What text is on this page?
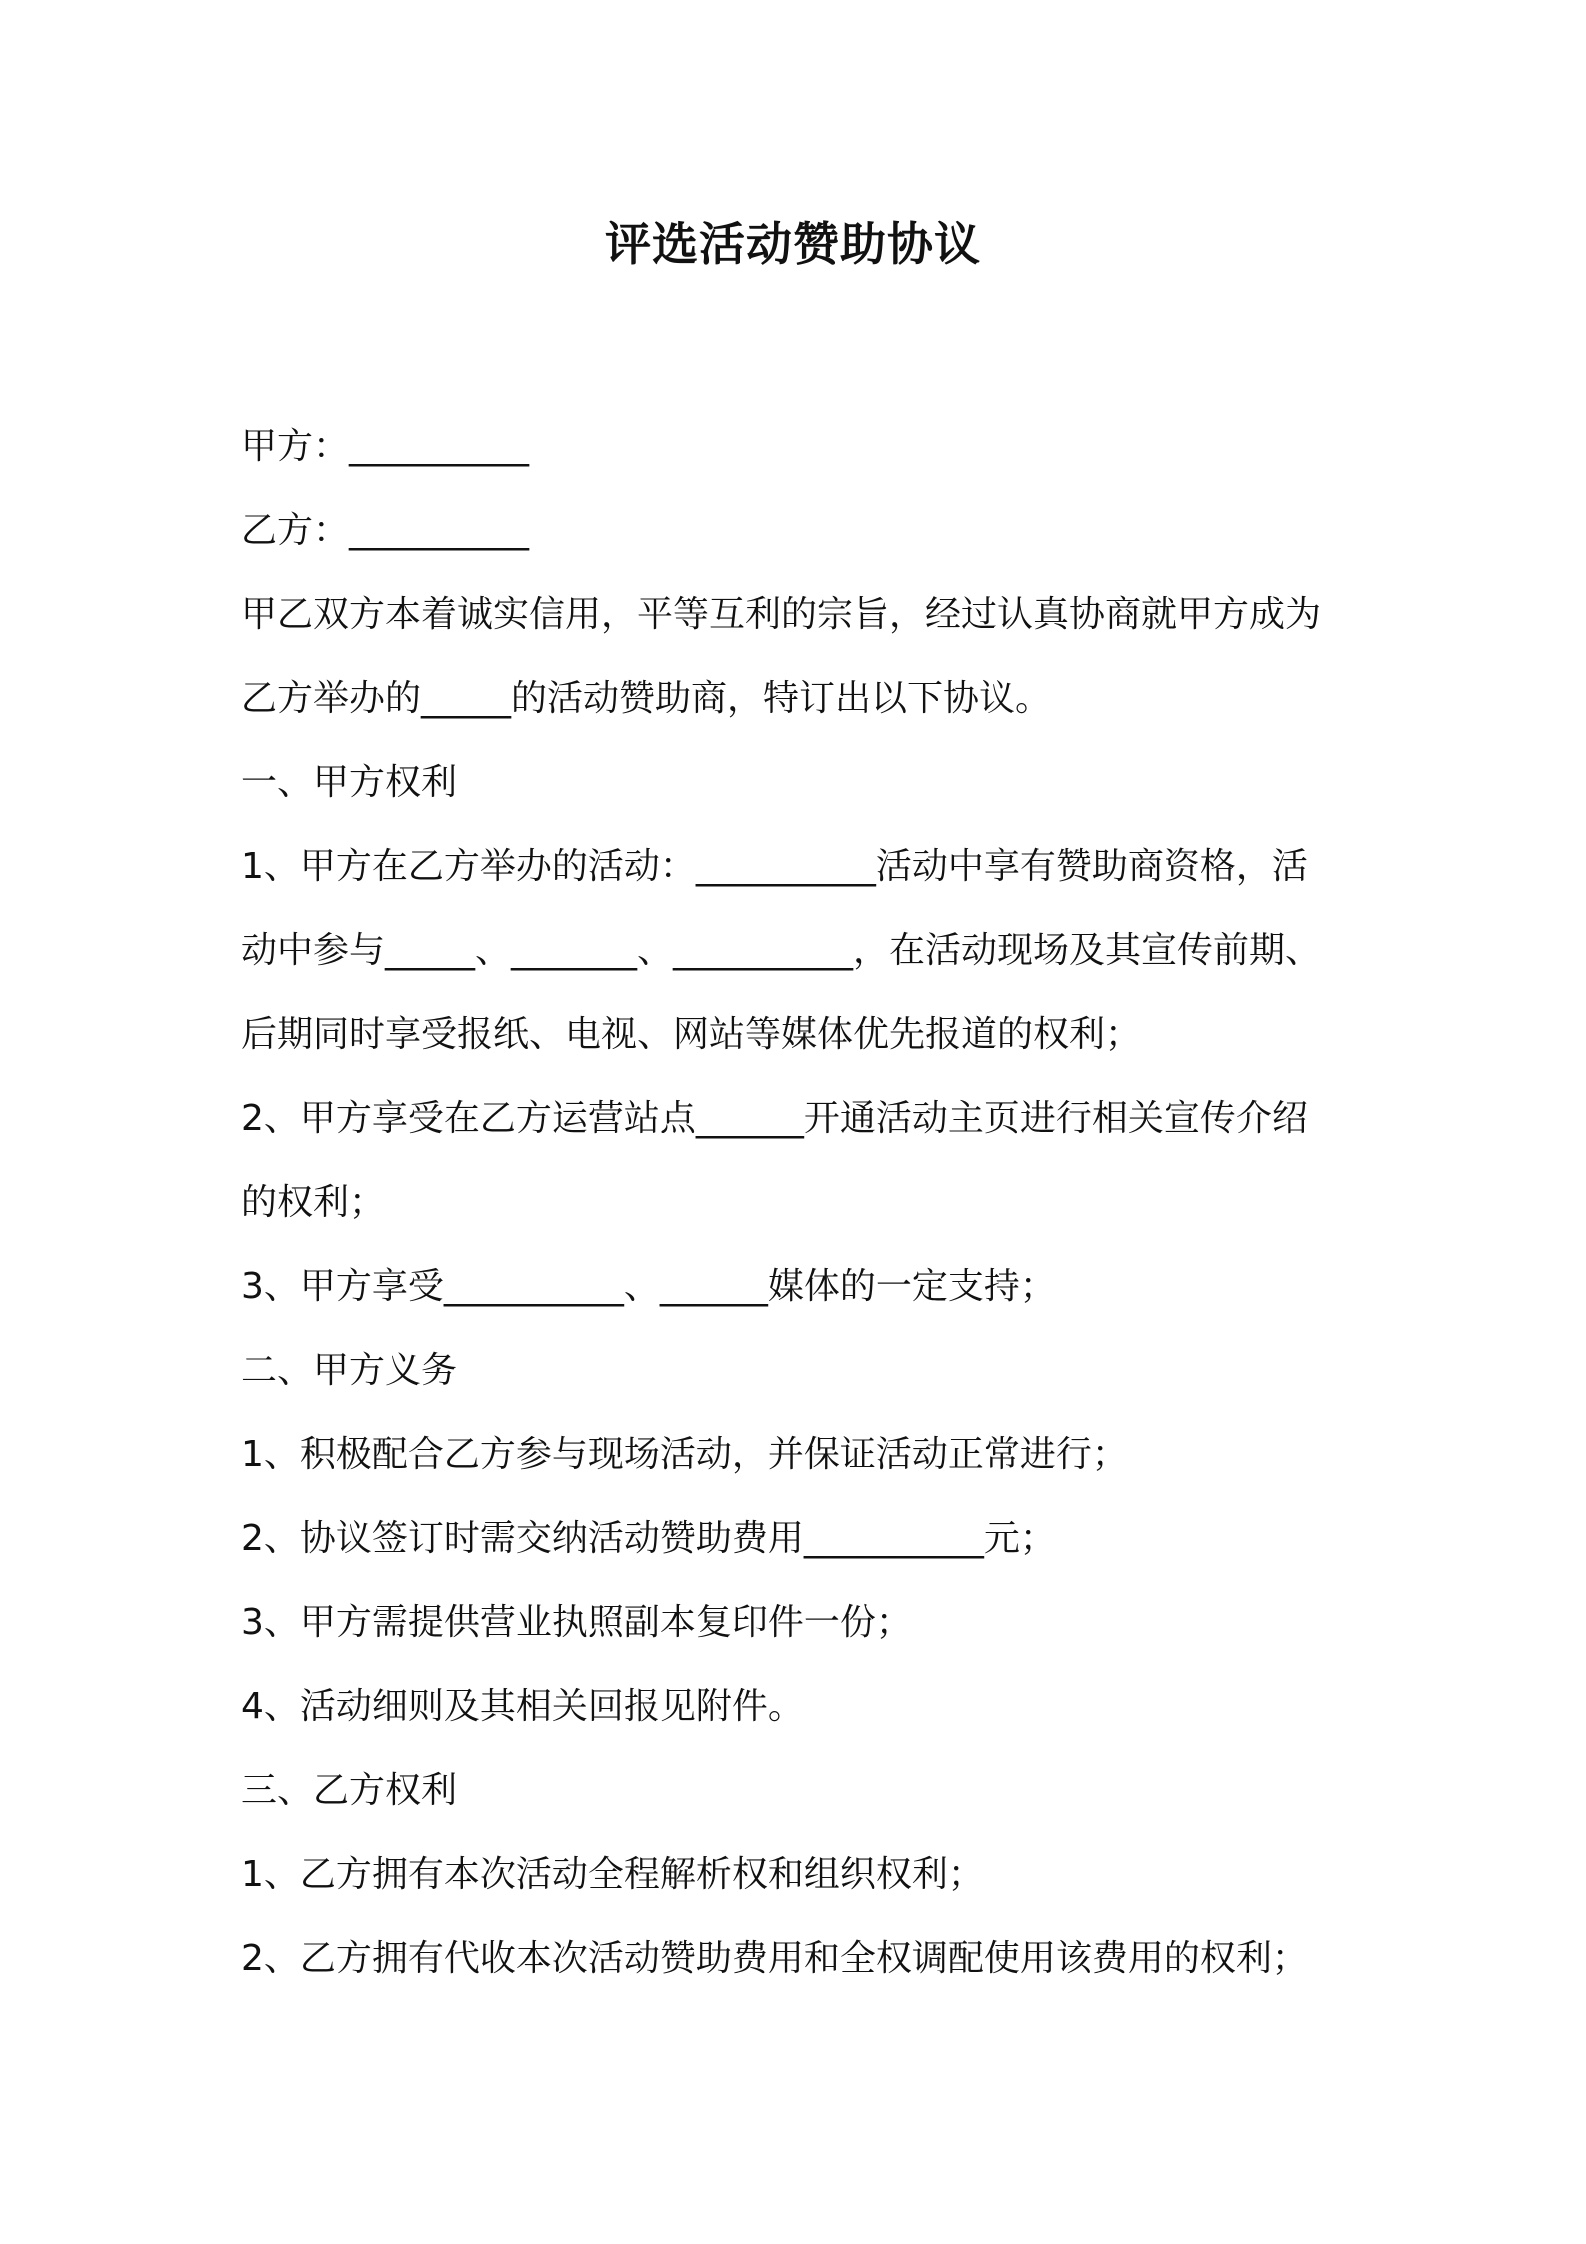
评选活动赞助协议
甲方：__________
乙方：__________
甲乙双方本着诚实信用，平等互利的宗旨，经过认真协商就甲方成为
乙方举办的_____的活动赞助商，特订出以下协议。
一、甲方权利
1、甲方在乙方举办的活动：__________活动中享有赞助商资格，活
动中参与_____、_______、__________，在活动现场及其宣传前期、
后期同时享受报纸、电视、网站等媒体优先报道的权利；
2、甲方享受在乙方运营站点______开通活动主页进行相关宣传介绍
的权利；
3、甲方享受__________、______媒体的一定支持；
二、甲方义务
1、积极配合乙方参与现场活动，并保证活动正常进行；
2、协议签订时需交纳活动赞助费用__________元；
3、甲方需提供营业执照副本复印件一份；
4、活动细则及其相关回报见附件。
三、乙方权利
1、乙方拥有本次活动全程解析权和组织权利；
2、乙方拥有代收本次活动赞助费用和全权调配使用该费用的权利；
